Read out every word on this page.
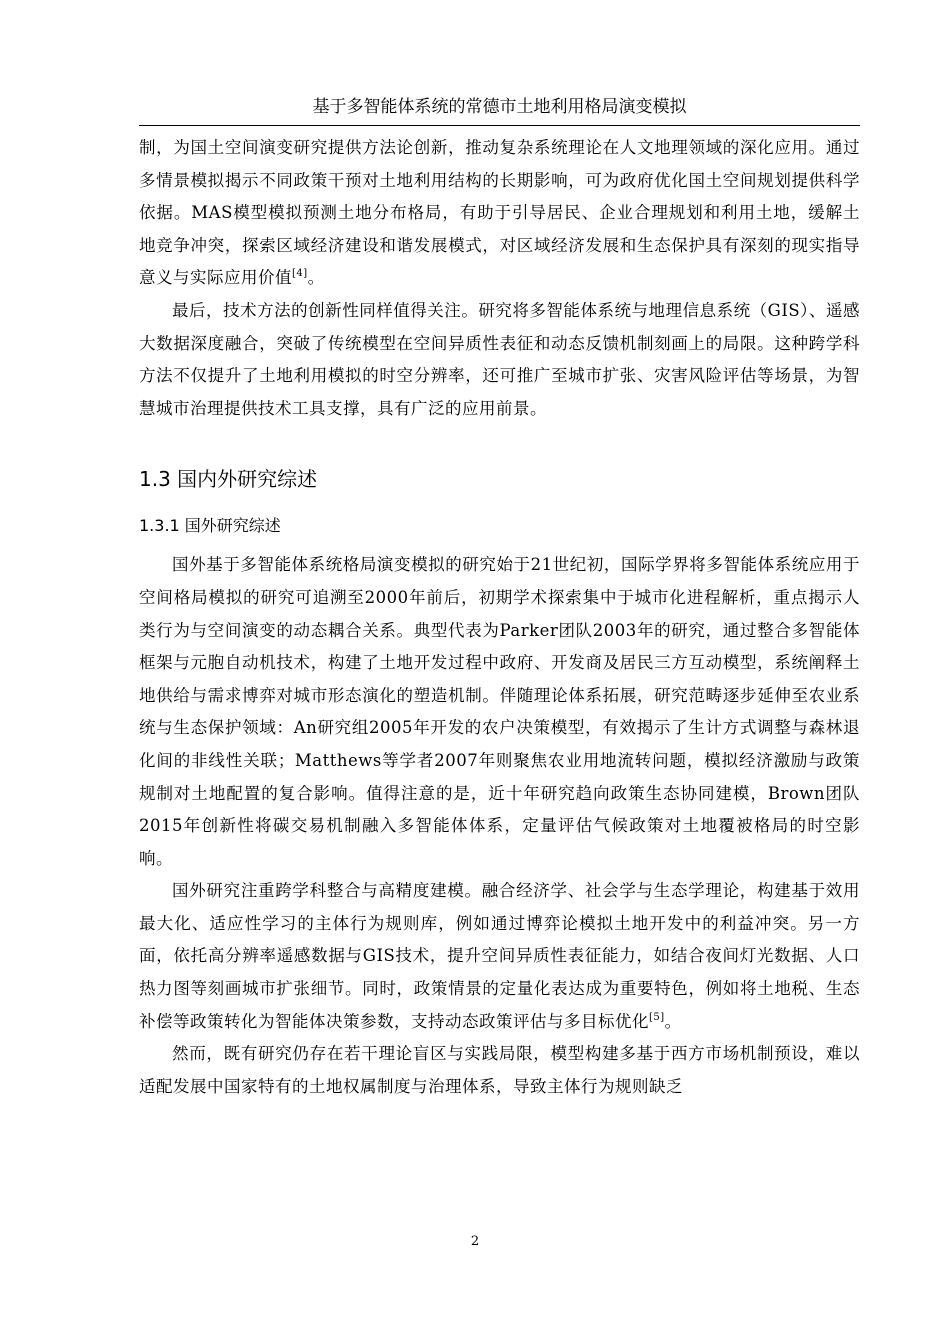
基于多智能体系统的常德市土地利用格局演变模拟

制，为国土空间演变研究提供方法论创新，推动复杂系统理论在人文地理领域的深化应用。通过多情景模拟揭示不同政策干预对土地利用结构的长期影响，可为政府优化国土空间规划提供科学依据。MAS模型模拟预测土地分布格局，有助于引导居民、企业合理规划和利用土地，缓解土地竞争冲突，探索区域经济建设和谐发展模式，对区域经济发展和生态保护具有深刻的现实指导意义与实际应用价值[4]。

最后，技术方法的创新性同样值得关注。研究将多智能体系统与地理信息系统（GIS）、遥感大数据深度融合，突破了传统模型在空间异质性表征和动态反馈机制刻画上的局限。这种跨学科方法不仅提升了土地利用模拟的时空分辨率，还可推广至城市扩张、灾害风险评估等场景，为智慧城市治理提供技术工具支撑，具有广泛的应用前景。

1.3 国内外研究综述
1.3.1 国外研究综述

国外基于多智能体系统格局演变模拟的研究始于21世纪初，国际学界将多智能体系统应用于空间格局模拟的研究可追溯至2000年前后，初期学术探索集中于城市化进程解析，重点揭示人类行为与空间演变的动态耦合关系。典型代表为Parker团队2003年的研究，通过整合多智能体框架与元胞自动机技术，构建了土地开发过程中政府、开发商及居民三方互动模型，系统阐释土地供给与需求博弈对城市形态演化的塑造机制。伴随理论体系拓展，研究范畴逐步延伸至农业系统与生态保护领域：An研究组2005年开发的农户决策模型，有效揭示了生计方式调整与森林退化间的非线性关联；Matthews等学者2007年则聚焦农业用地流转问题，模拟经济激励与政策规制对土地配置的复合影响。值得注意的是，近十年研究趋向政策生态协同建模，Brown团队2015年创新性将碳交易机制融入多智能体体系，定量评估气候政策对土地覆被格局的时空影响。

国外研究注重跨学科整合与高精度建模。融合经济学、社会学与生态学理论，构建基于效用最大化、适应性学习的主体行为规则库，例如通过博弈论模拟土地开发中的利益冲突。另一方面，依托高分辨率遥感数据与GIS技术，提升空间异质性表征能力，如结合夜间灯光数据、人口热力图等刻画城市扩张细节。同时，政策情景的定量化表达成为重要特色，例如将土地税、生态补偿等政策转化为智能体决策参数，支持动态政策评估与多目标优化[5]。

然而，既有研究仍存在若干理论盲区与实践局限，模型构建多基于西方市场机制预设，难以适配发展中国家特有的土地权属制度与治理体系，导致主体行为规则缺乏

2
